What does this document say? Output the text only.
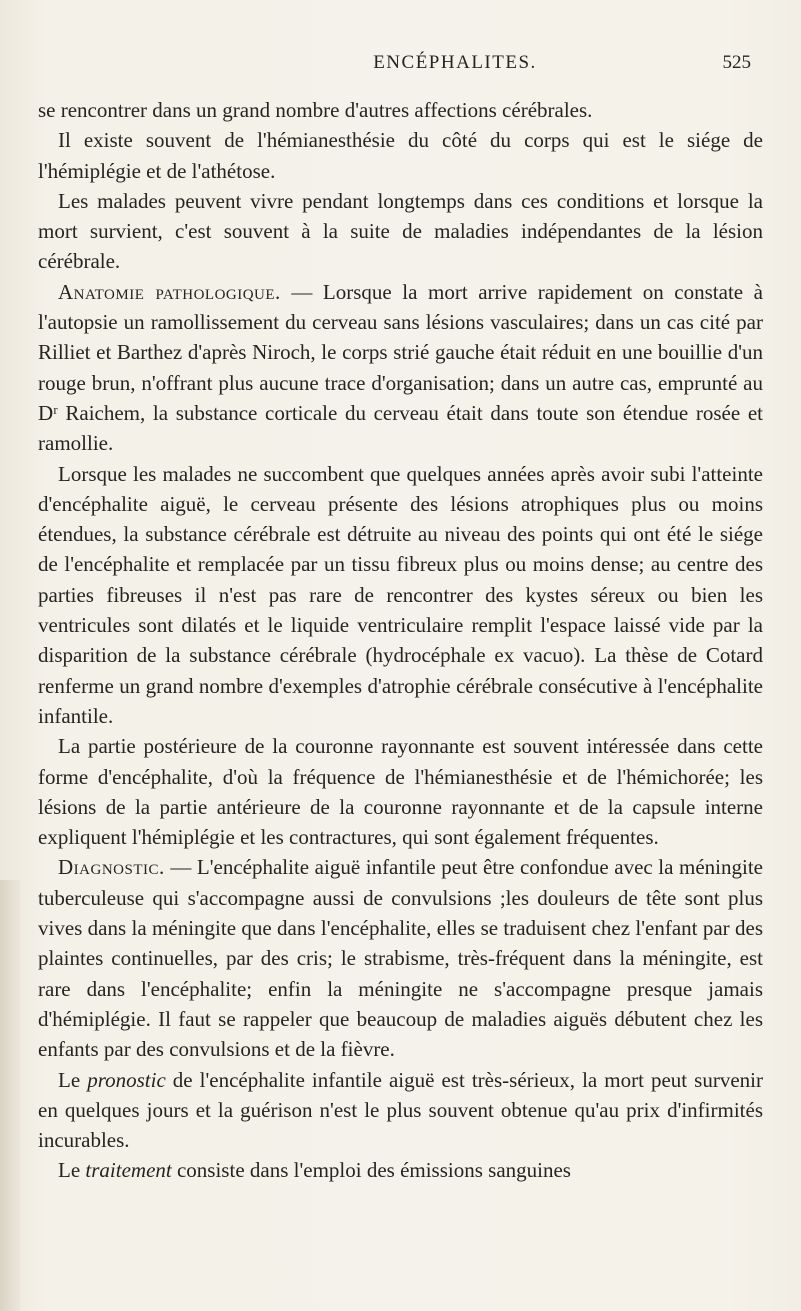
ENCÉPHALITES.	525

se rencontrer dans un grand nombre d'autres affections cérébrales.

Il existe souvent de l'hémianesthésie du côté du corps qui est le siége de l'hémiplégie et de l'athétose.

Les malades peuvent vivre pendant longtemps dans ces conditions et lorsque la mort survient, c'est souvent à la suite de maladies indépendantes de la lésion cérébrale.

Anatomie pathologique. — Lorsque la mort arrive rapidement on constate à l'autopsie un ramollissement du cerveau sans lésions vasculaires; dans un cas cité par Rilliet et Barthez d'après Niroch, le corps strié gauche était réduit en une bouillie d'un rouge brun, n'offrant plus aucune trace d'organisation; dans un autre cas, emprunté au Dʳ Raichem, la substance corticale du cerveau était dans toute son étendue rosée et ramollie.

Lorsque les malades ne succombent que quelques années après avoir subi l'atteinte d'encéphalite aiguë, le cerveau présente des lésions atrophiques plus ou moins étendues, la substance cérébrale est détruite au niveau des points qui ont été le siége de l'encéphalite et remplacée par un tissu fibreux plus ou moins dense; au centre des parties fibreuses il n'est pas rare de rencontrer des kystes séreux ou bien les ventricules sont dilatés et le liquide ventriculaire remplit l'espace laissé vide par la disparition de la substance cérébrale (hydrocéphale ex vacuo). La thèse de Cotard renferme un grand nombre d'exemples d'atrophie cérébrale consécutive à l'encéphalite infantile.

La partie postérieure de la couronne rayonnante est souvent intéressée dans cette forme d'encéphalite, d'où la fréquence de l'hémianesthésie et de l'hémichorée; les lésions de la partie antérieure de la couronne rayonnante et de la capsule interne expliquent l'hémiplégie et les contractures, qui sont également fréquentes.

Diagnostic. — L'encéphalite aiguë infantile peut être confondue avec la méningite tuberculeuse qui s'accompagne aussi de convulsions ;les douleurs de tête sont plus vives dans la méningite que dans l'encéphalite, elles se traduisent chez l'enfant par des plaintes continuelles, par des cris; le strabisme, très-fréquent dans la méningite, est rare dans l'encéphalite; enfin la méningite ne s'accompagne presque jamais d'hémiplégie. Il faut se rappeler que beaucoup de maladies aiguës débutent chez les enfants par des convulsions et de la fièvre.

Le pronostic de l'encéphalite infantile aiguë est très-sérieux, la mort peut survenir en quelques jours et la guérison n'est le plus souvent obtenue qu'au prix d'infirmités incurables.

Le traitement consiste dans l'emploi des émissions sanguines
